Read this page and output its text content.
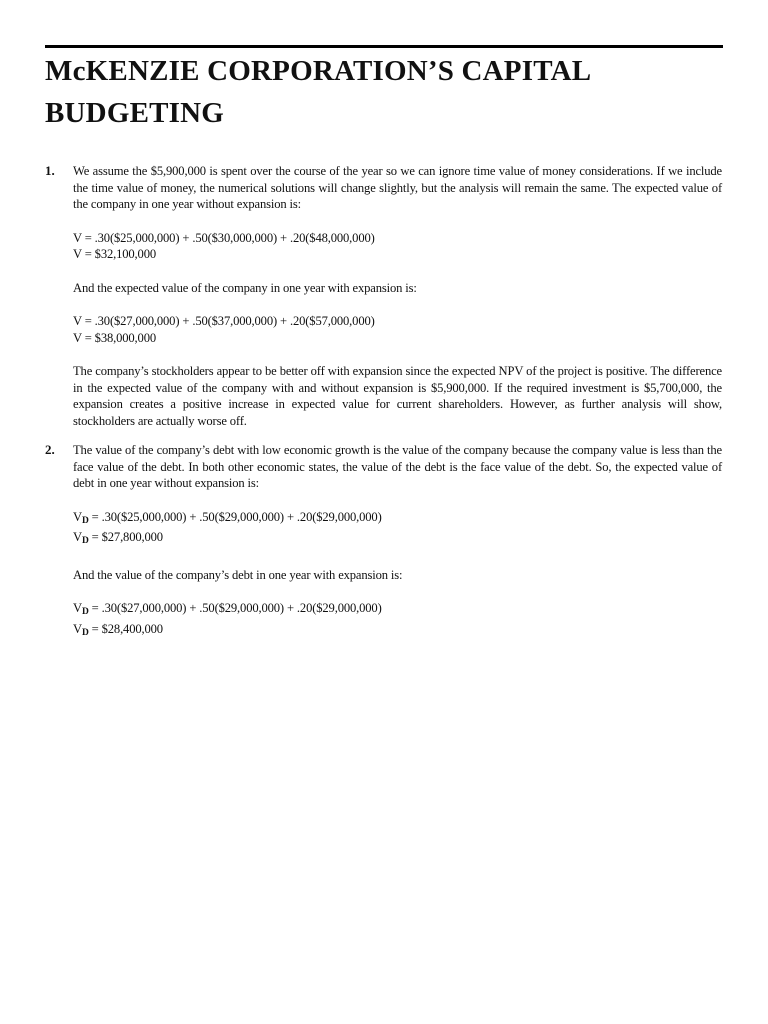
McKENZIE CORPORATION’S CAPITAL BUDGETING
1. We assume the $5,900,000 is spent over the course of the year so we can ignore time value of money considerations. If we include the time value of money, the numerical solutions will change slightly, but the analysis will remain the same. The expected value of the company in one year without expansion is:

V = .30($25,000,000) + .50($30,000,000) + .20($48,000,000)

V = $32,100,000

And the expected value of the company in one year with expansion is:

V = .30($27,000,000) + .50($37,000,000) + .20($57,000,000)

V = $38,000,000

The company’s stockholders appear to be better off with expansion since the expected NPV of the project is positive. The difference in the expected value of the company with and without expansion is $5,900,000. If the required investment is $5,700,000, the expansion creates a positive increase in expected value for current shareholders. However, as further analysis will show, stockholders are actually worse off.

2. The value of the company’s debt with low economic growth is the value of the company because the company value is less than the face value of the debt. In both other economic states, the value of the debt is the face value of the debt. So, the expected value of debt in one year without expansion is:

$V_D$ = .30($25,000,000) + .50($29,000,000) + .20($29,000,000)

$V_D$ = $27,800,000

And the value of the company’s debt in one year with expansion is:

$V_D$ = .30($27,000,000) + .50($29,000,000) + .20($29,000,000)

$V_D$ = $28,400,000
